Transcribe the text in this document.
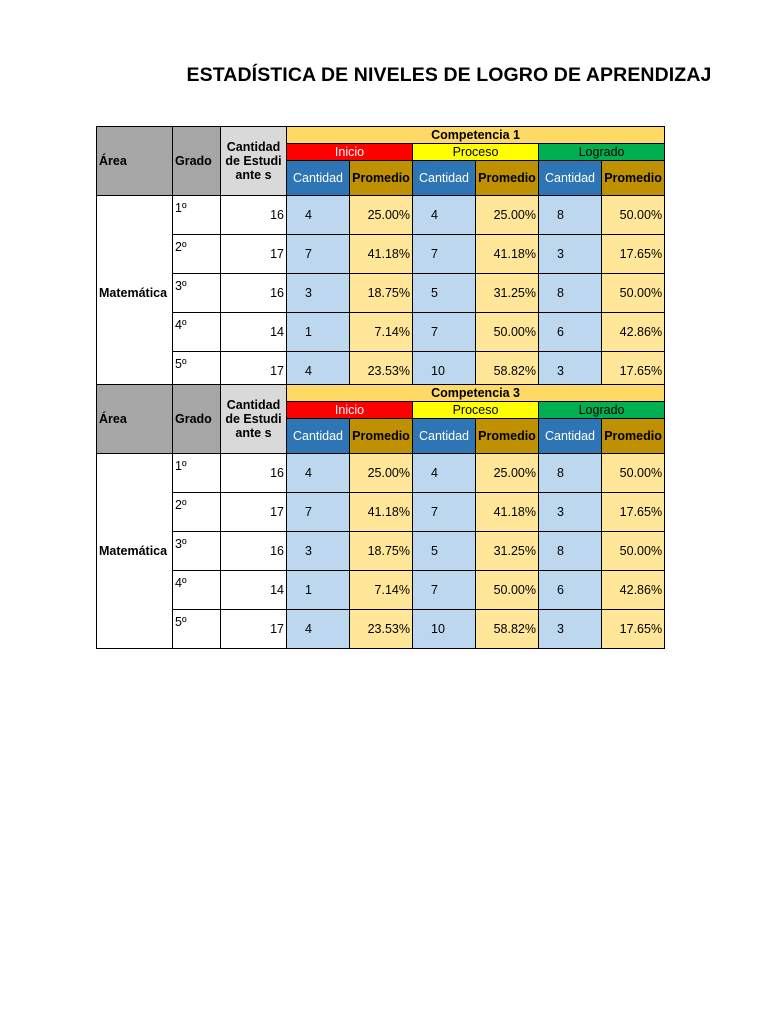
ESTADÍSTICA DE NIVELES DE LOGRO DE APRENDIZAJ
Área	Grado	Cantidad de Estudiante s	Competencia 1					
			Inicio		Proceso		Logrado	
			Cantidad	Promedio	Cantidad	Promedio	Cantidad	Promedio
Matemática	1º	16	4	25.00%	4	25.00%	8	50.00%
	2º	17	7	41.18%	7	41.18%	3	17.65%
	3º	16	3	18.75%	5	31.25%	8	50.00%
	4º	14	1	7.14%	7	50.00%	6	42.86%
	5º	17	4	23.53%	10	58.82%	3	17.65%
Área	Grado	Cantidad de Estudiante s	Competencia 3					
			Inicio		Proceso		Logrado	
			Cantidad	Promedio	Cantidad	Promedio	Cantidad	Promedio
Matemática	1º	16	4	25.00%	4	25.00%	8	50.00%
	2º	17	7	41.18%	7	41.18%	3	17.65%
	3º	16	3	18.75%	5	31.25%	8	50.00%
	4º	14	1	7.14%	7	50.00%	6	42.86%
	5º	17	4	23.53%	10	58.82%	3	17.65%
